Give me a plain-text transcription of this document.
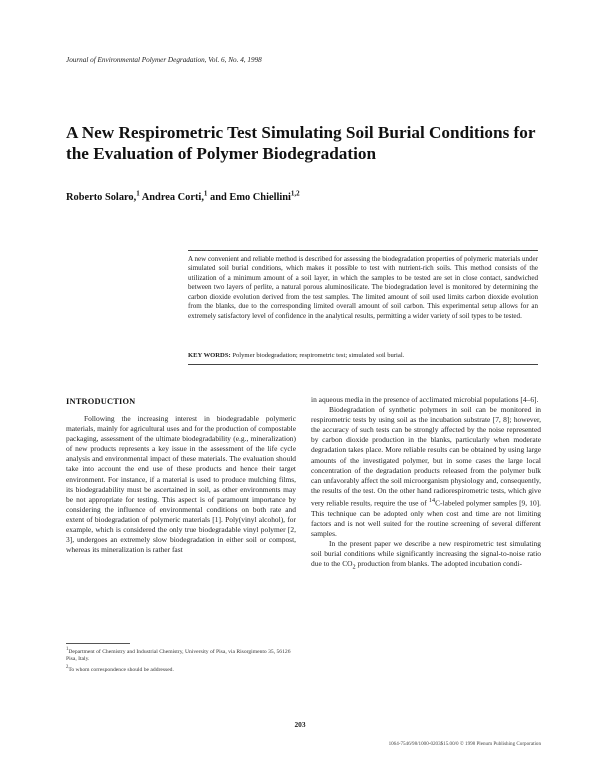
Journal of Environmental Polymer Degradation, Vol. 6, No. 4, 1998
A New Respirometric Test Simulating Soil Burial Conditions for the Evaluation of Polymer Biodegradation
Roberto Solaro,$^1$ Andrea Corti,$^1$ and Emo Chiellini$^{1,2}$

A new convenient and reliable method is described for assessing the biodegradation properties of polymeric materials under simulated soil burial conditions, which makes it possible to test with nutrient-rich soils. This method consists of the utilization of a minimum amount of a soil layer, in which the samples to be tested are set in close contact, sandwiched between two layers of perlite, a natural porous aluminosilicate. The biodegradation level is monitored by determining the carbon dioxide evolution derived from the test samples. The limited amount of soil used limits carbon dioxide evolution from the blanks, due to the corresponding limited overall amount of soil carbon. This experimental setup allows for an extremely satisfactory level of confidence in the analytical results, permitting a wider variety of soil types to be tested.

KEY WORDS: Polymer biodegradation; respirometric test; simulated soil burial.

INTRODUCTION

Following the increasing interest in biodegradable polymeric materials, mainly for agricultural uses and for the production of compostable packaging, assessment of the ultimate biodegradability (e.g., mineralization) of new products represents a key issue in the assessment of the life cycle analysis and environmental impact of these materials. The evaluation should take into account the end use of these products and hence their target environment. For instance, if a material is used to produce mulching films, its biodegradability must be ascertained in soil, as other environments may be not appropriate for testing. This aspect is of paramount importance by considering the influence of environmental conditions on both rate and extent of biodegradation of polymeric materials [1]. Poly(vinyl alcohol), for example, which is considered the only true biodegradable vinyl polymer [2, 3], undergoes an extremely slow biodegradation in either soil or compost, whereas its mineralization is rather fast

in aqueous media in the presence of acclimated microbial populations [4–6].

Biodegradation of synthetic polymers in soil can be monitored in respirometric tests by using soil as the incubation substrate [7, 8]; however, the accuracy of such tests can be strongly affected by the noise represented by carbon dioxide production in the blanks, particularly when moderate degradation takes place. More reliable results can be obtained by using large amounts of the investigated polymer, but in some cases the large local concentration of the degradation products released from the polymer bulk can unfavorably affect the soil microorganism physiology and, consequently, the results of the test. On the other hand radiorespirometric tests, which give very reliable results, require the use of $^{14}$C-labeled polymer samples [9, 10]. This technique can be adopted only when cost and time are not limiting factors and is not well suited for the routine screening of several different samples.

In the present paper we describe a new respirometric test simulating soil burial conditions while significantly increasing the signal-to-noise ratio due to the $CO_2$ production from blanks. The adopted incubation condi-

$^1$Department of Chemistry and Industrial Chemistry, University of Pisa, via Risorgimento 35, 56126 Pisa, Italy.

$^2$To whom correspondence should be addressed.

203
1064-7546/98/1000-0203$15.00/0 © 1998 Plenum Publishing Corporation
